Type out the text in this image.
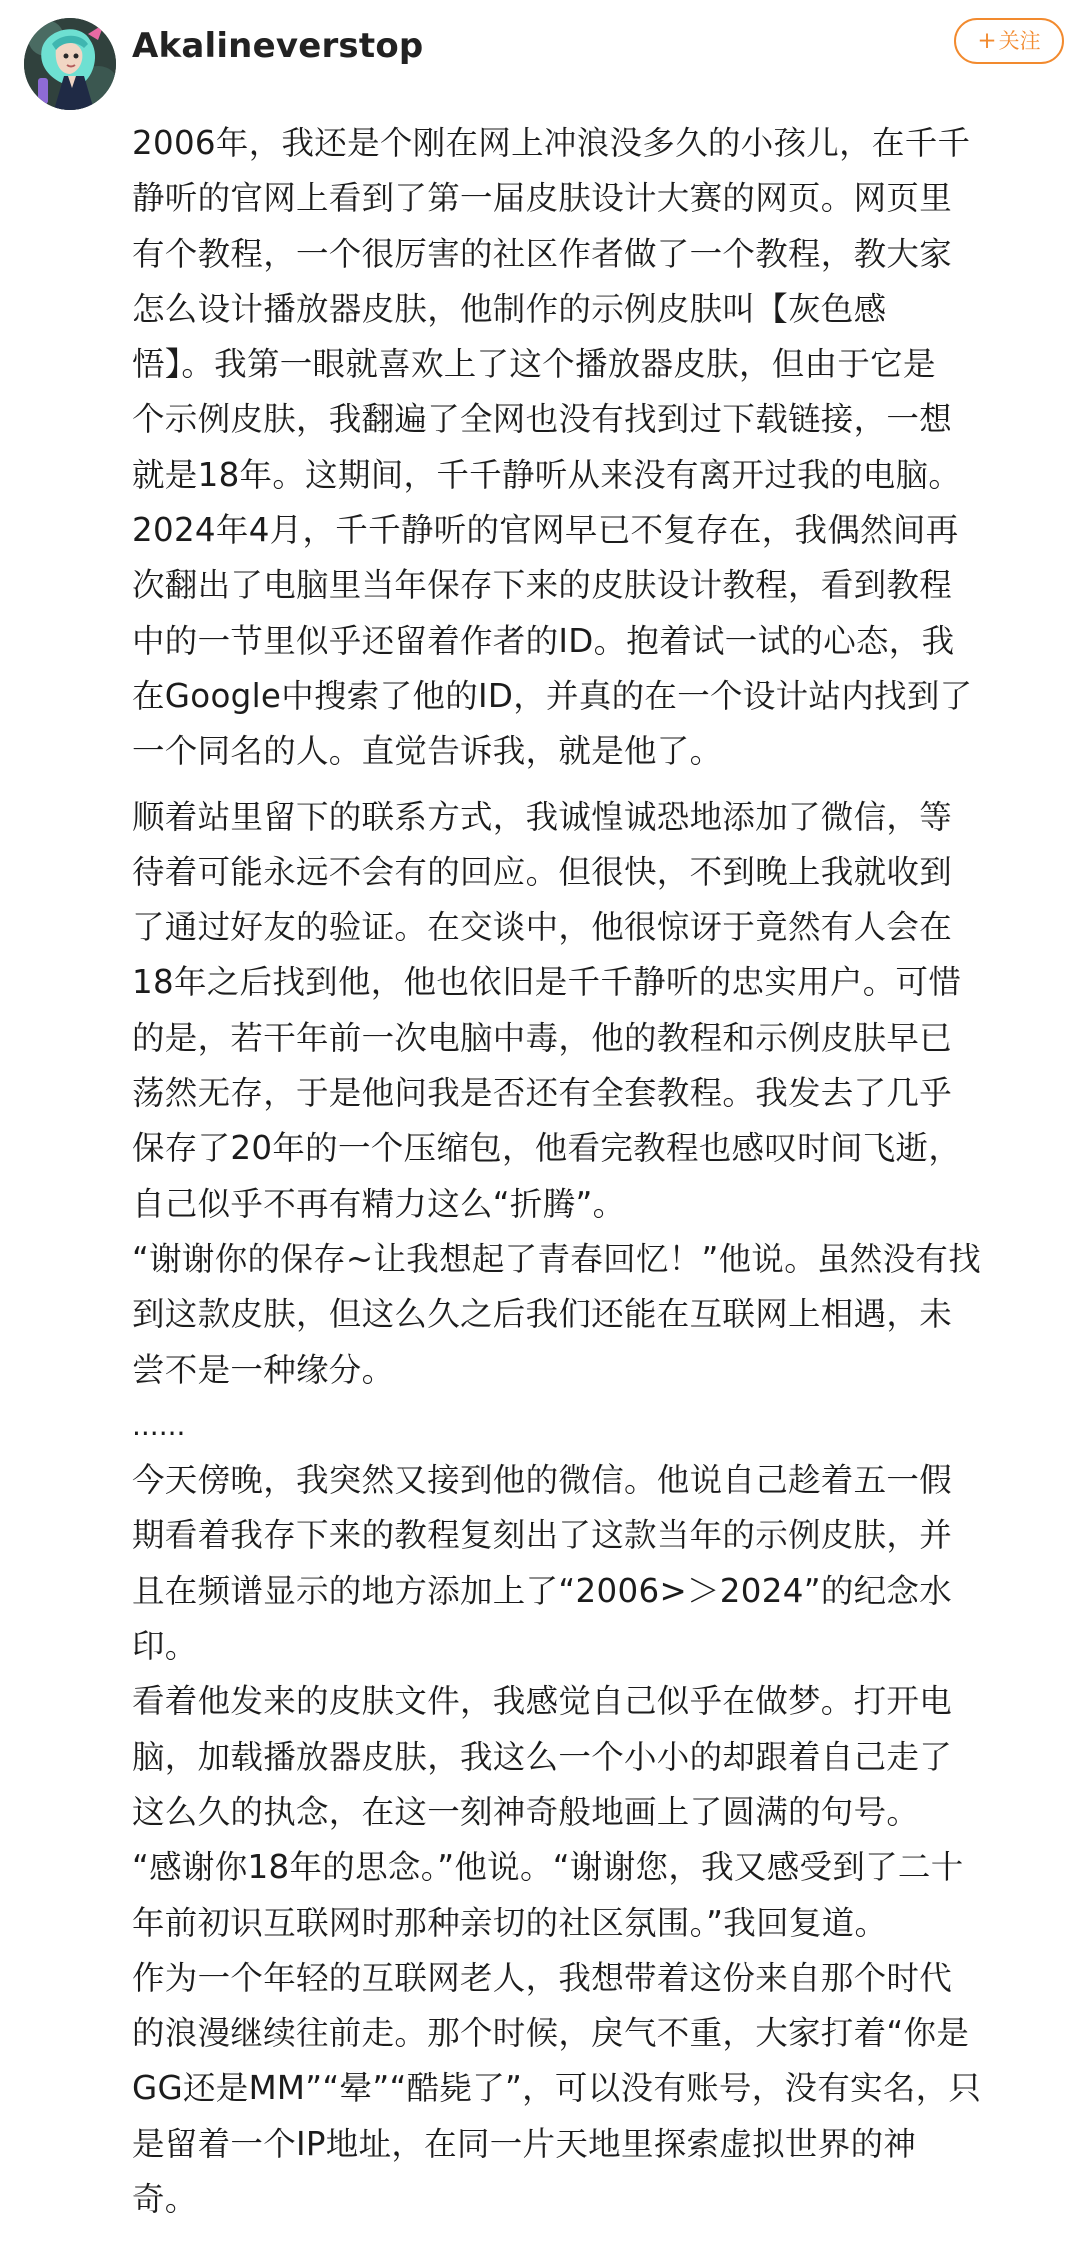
Akalineverstop	+关注

2006年，我还是个刚在网上冲浪没多久的小孩儿，在千千
静听的官网上看到了第一届皮肤设计大赛的网页。网页里
有个教程，一个很厉害的社区作者做了一个教程，教大家
怎么设计播放器皮肤，他制作的示例皮肤叫【灰色感
悟】。我第一眼就喜欢上了这个播放器皮肤，但由于它是
个示例皮肤，我翻遍了全网也没有找到过下载链接，一想
就是18年。这期间，千千静听从来没有离开过我的电脑。
2024年4月，千千静听的官网早已不复存在，我偶然间再
次翻出了电脑里当年保存下来的皮肤设计教程，看到教程
中的一节里似乎还留着作者的ID。抱着试一试的心态，我
在Google中搜索了他的ID，并真的在一个设计站内找到了
一个同名的人。直觉告诉我，就是他了。

顺着站里留下的联系方式，我诚惶诚恐地添加了微信，等
待着可能永远不会有的回应。但很快，不到晚上我就收到
了通过好友的验证。在交谈中，他很惊讶于竟然有人会在
18年之后找到他，他也依旧是千千静听的忠实用户。可惜
的是，若干年前一次电脑中毒，他的教程和示例皮肤早已
荡然无存，于是他问我是否还有全套教程。我发去了几乎
保存了20年的一个压缩包，他看完教程也感叹时间飞逝，
自己似乎不再有精力这么“折腾”。

“谢谢你的保存~让我想起了青春回忆！”他说。虽然没有找
到这款皮肤，但这么久之后我们还能在互联网上相遇，未
尝不是一种缘分。

......

今天傍晚，我突然又接到他的微信。他说自己趁着五一假
期看着我存下来的教程复刻出了这款当年的示例皮肤，并
且在频谱显示的地方添加上了“2006>＞2024”的纪念水
印。

看着他发来的皮肤文件，我感觉自己似乎在做梦。打开电
脑，加载播放器皮肤，我这么一个小小的却跟着自己走了
这么久的执念，在这一刻神奇般地画上了圆满的句号。

“感谢你18年的思念。”他说。“谢谢您，我又感受到了二十
年前初识互联网时那种亲切的社区氛围。”我回复道。

作为一个年轻的互联网老人，我想带着这份来自那个时代
的浪漫继续往前走。那个时候，戾气不重，大家打着“你是
GG还是MM”“晕”“酷毙了”，可以没有账号，没有实名，只
是留着一个IP地址，在同一片天地里探索虚拟世界的神
奇。
